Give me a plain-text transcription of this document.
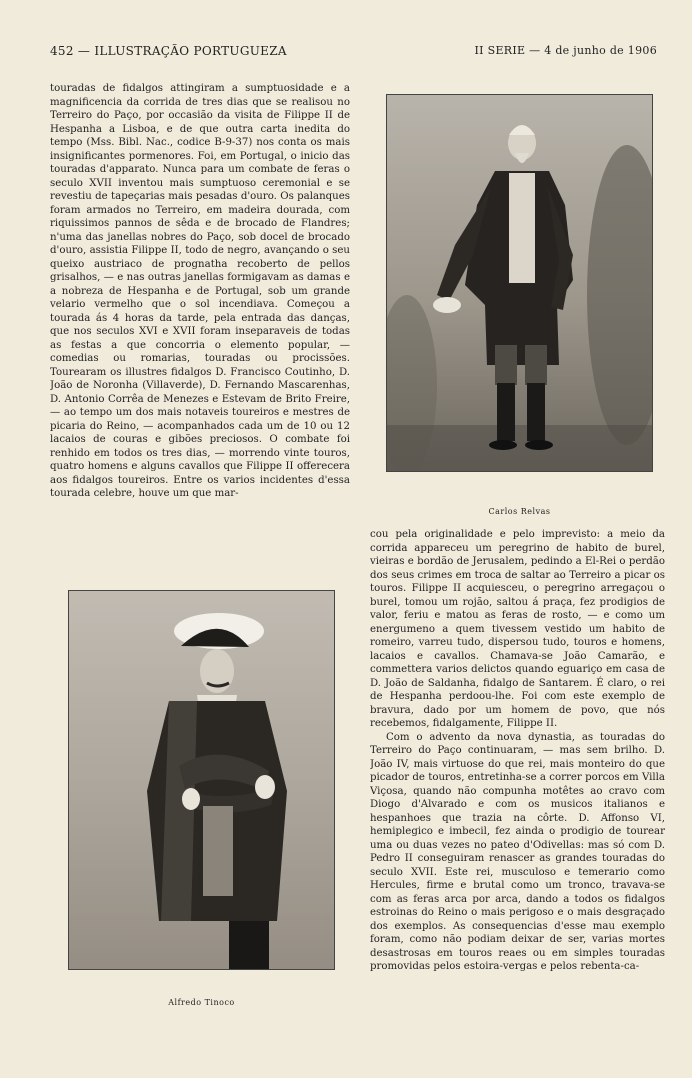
452 — ILLUSTRAÇÃO PORTUGUEZA	II SERIE — 4 de junho de 1906

touradas de fidalgos attingiram a sumptuosidade e a magnificencia da corrida de tres dias que se realisou no Terreiro do Paço, por occasião da visita de Filippe II de Hespanha a Lisboa, e de que outra carta inedita do tempo (Mss. Bibl. Nac., codice B-9-37) nos conta os mais insignificantes pormenores. Foi, em Portugal, o inicio das touradas d'apparato. Nunca para um combate de feras o seculo XVII inventou mais sumptuoso ceremonial e se revestiu de tapeçarias mais pesadas d'ouro. Os palanques foram armados no Terreiro, em madeira dourada, com riquissimos pannos de sêda e de brocado de Flandres; n'uma das janellas nobres do Paço, sob docel de brocado d'ouro, assistia Filippe II, todo de negro, avançando o seu queixo austriaco de prognatha recoberto de pellos grisalhos, — e nas outras janellas formigavam as damas e a nobreza de Hespanha e de Portugal, sob um grande velario vermelho que o sol incendiava. Começou a tourada ás 4 horas da tarde, pela entrada das danças, que nos seculos XVI e XVII foram inseparaveis de todas as festas a que concorria o elemento popular, — comedias ou romarias, touradas ou procissões. Tourearam os illustres fidalgos D. Francisco Coutinho, D. João de Noronha (Villaverde), D. Fernando Mascarenhas, D. Antonio Corrêa de Menezes e Estevam de Brito Freire, — ao tempo um dos mais notaveis toureiros e mestres de picaria do Reino, — acompanhados cada um de 10 ou 12 lacaios de couras e gibões preciosos. O combate foi renhido em todos os tres dias, — morrendo vinte touros, quatro homens e alguns cavallos que Filippe II offerecera aos fidalgos toureiros. Entre os varios incidentes d'essa tourada celebre, houve um que mar-

Carlos Relvas

cou pela originalidade e pelo imprevisto: a meio da corrida appareceu um peregrino de habito de burel, vieiras e bordão de Jerusalem, pedindo a El-Rei o perdão dos seus crimes em troca de saltar ao Terreiro a picar os touros. Filippe II acquiesceu, o peregrino arregaçou o burel, tomou um rojão, saltou á praça, fez prodigios de valor, feriu e matou as feras de rosto, — e como um energumeno a quem tivessem vestido um habito de romeiro, varreu tudo, dispersou tudo, touros e homens, lacaios e cavallos. Chamava-se João Camarão, e commettera varios delictos quando eguariço em casa de D. João de Saldanha, fidalgo de Santarem. É claro, o rei de Hespanha perdoou-lhe. Foi com este exemplo de bravura, dado por um homem de povo, que nós recebemos, fidalgamente, Filippe II.

Com o advento da nova dynastia, as touradas do Terreiro do Paço continuaram, — mas sem brilho. D. João IV, mais virtuose do que rei, mais monteiro do que picador de touros, entretinha-se a correr porcos em Villa Viçosa, quando não compunha motêtes ao cravo com Diogo d'Alvarado e com os musicos italianos e hespanhoes que trazia na côrte. D. Affonso VI, hemiplegico e imbecil, fez ainda o prodigio de tourear uma ou duas vezes no pateo d'Odivellas: mas só com D. Pedro II conseguiram renascer as grandes touradas do seculo XVII. Este rei, musculoso e temerario como Hercules, firme e brutal como um tronco, travava-se com as feras arca por arca, dando a todos os fidalgos estroinas do Reino o mais perigoso e o mais desgraçado dos exemplos. As consequencias d'esse mau exemplo foram, como não podiam deixar de ser, varias mortes desastrosas em touros reaes ou em simples touradas promovidas pelos estoira-vergas e pelos rebenta-ca-

Alfredo Tinoco
